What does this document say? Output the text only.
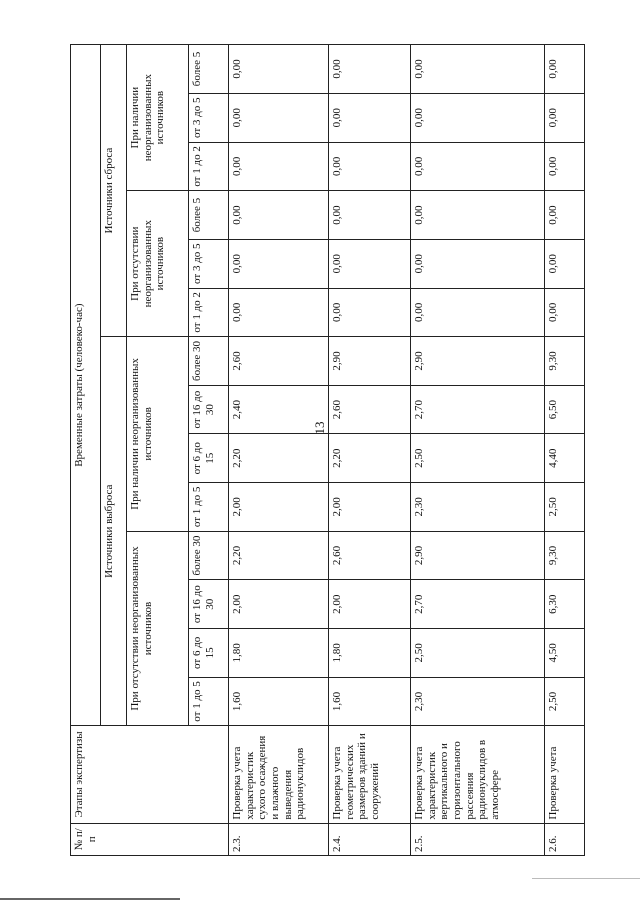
13
№ п/п	Этапы экспертизы	Временные затраты (человеко-час)													
		Источники выброса								Источники сброса					
		При отсутствии неорганизованных источников				При наличии неорганизованных источников				При отсутствии неорганизованных источников			При наличии неорганизованных источников		
		от 1 до 5	от 6 до 15	от 16 до 30	более 30	от 1 до 5	от 6 до 15	от 16 до 30	более 30	от 1 до 2	от 3 до 5	более 5	от 1 до 2	от 3 до 5	более 5
2.3.	Проверка учета характеристик сухого осаждения и влажного выведения радионуклидов	1,60	1,80	2,00	2,20	2,00	2,20	2,40	2,60	0,00	0,00	0,00	0,00	0,00	0,00
2.4.	Проверка учета геометрических размеров зданий и сооружений	1,60	1,80	2,00	2,60	2,00	2,20	2,60	2,90	0,00	0,00	0,00	0,00	0,00	0,00
2.5.	Проверка учета характеристик вертикального и горизонтального рассеяния радионуклидов в атмосфере	2,30	2,50	2,70	2,90	2,30	2,50	2,70	2,90	0,00	0,00	0,00	0,00	0,00	0,00
2.6.	Проверка учета	2,50	4,50	6,30	9,30	2,50	4,40	6,50	9,30	0,00	0,00	0,00	0,00	0,00	0,00
